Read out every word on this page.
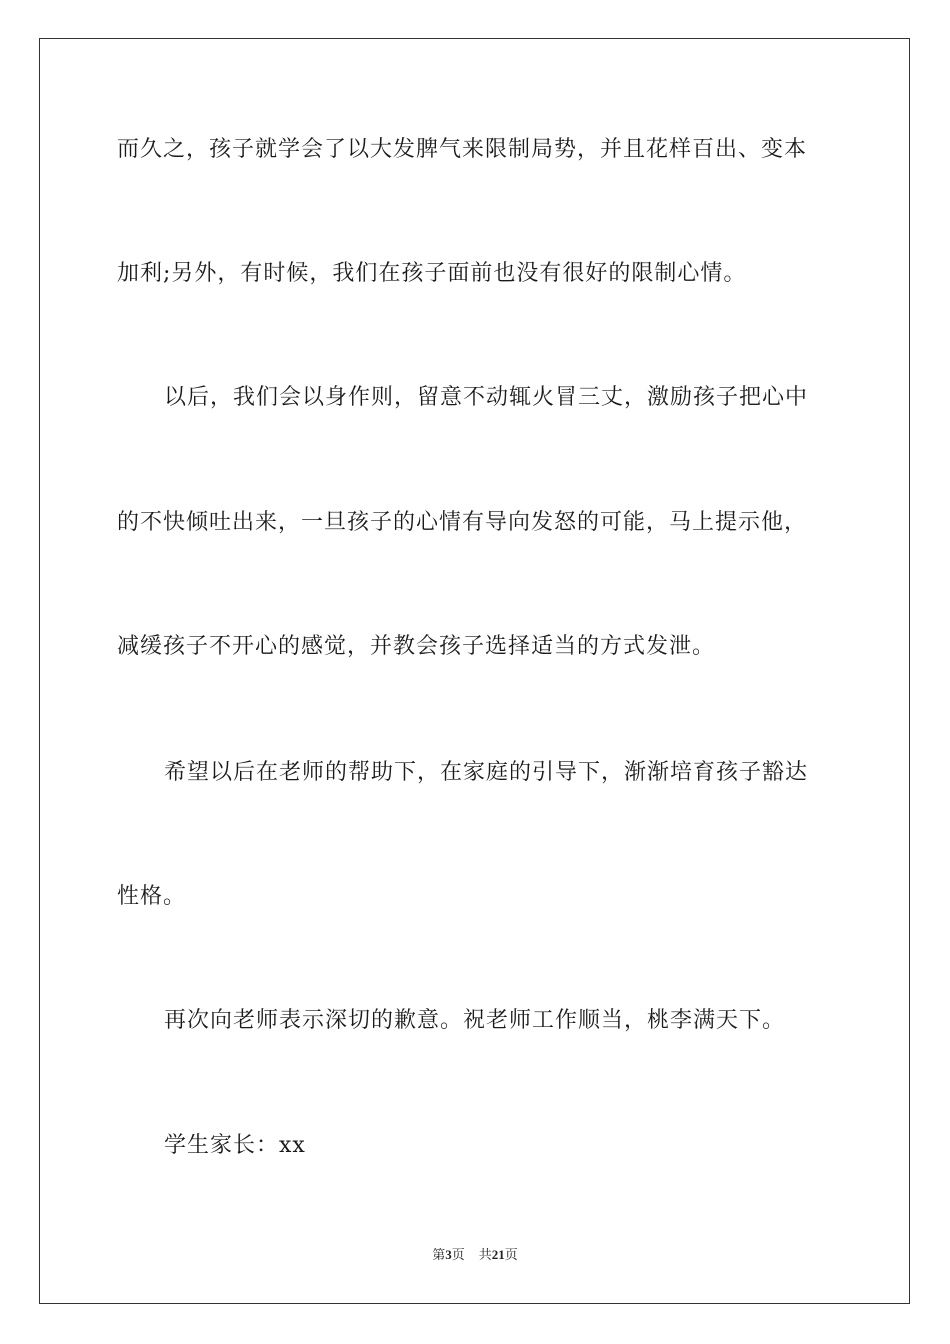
而久之，孩子就学会了以大发脾气来限制局势，并且花样百出、变本
加利;另外，有时候，我们在孩子面前也没有很好的限制心情。
以后，我们会以身作则，留意不动辄火冒三丈，激励孩子把心中
的不快倾吐出来，一旦孩子的心情有导向发怒的可能，马上提示他，
减缓孩子不开心的感觉，并教会孩子选择适当的方式发泄。
希望以后在老师的帮助下，在家庭的引导下，渐渐培育孩子豁达
性格。
再次向老师表示深切的歉意。祝老师工作顺当，桃李满天下。
学生家长：xx
第3页 共21页
